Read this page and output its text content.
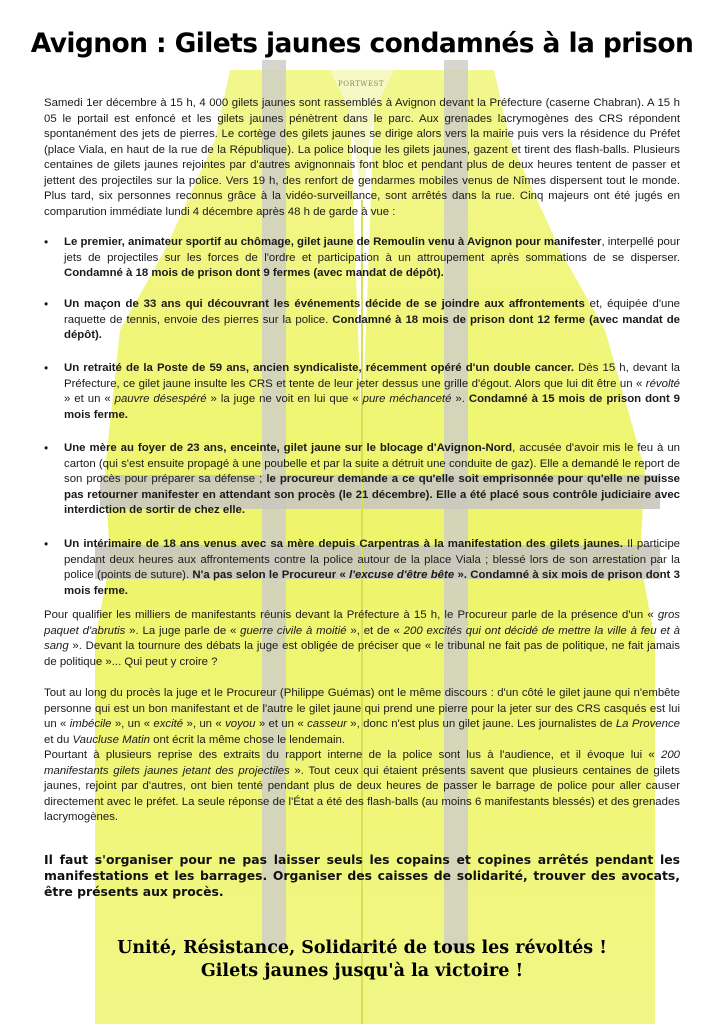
Avignon : Gilets jaunes condamnés à la prison
PORTWEST

Samedi 1er décembre à 15 h, 4 000 gilets jaunes sont rassemblés à Avignon devant la Préfecture (caserne Chabran). A 15 h 05 le portail est enfoncé et les gilets jaunes pénètrent dans le parc. Aux grenades lacrymogènes des CRS répondent spontanément des jets de pierres. Le cortège des gilets jaunes se dirige alors vers la mairie puis vers la résidence du Préfet (place Viala, en haut de la rue de la République). La police bloque les gilets jaunes, gazent et tirent des flash-balls. Plusieurs centaines de gilets jaunes rejointes par d'autres avignonnais font bloc et pendant plus de deux heures tentent de passer et jettent des projectiles sur la police. Vers 19 h, des renfort de gendarmes mobiles venus de Nîmes dispersent tout le monde. Plus tard, six personnes reconnus grâce à la vidéo-surveillance, sont arrêtés dans la rue. Cinq majeurs ont été jugés en comparution immédiate lundi 4 décembre après 48 h de garde à vue :

• Le premier, animateur sportif au chômage, gilet jaune de Remoulin venu à Avignon pour manifester, interpellé pour jets de projectiles sur les forces de l'ordre et participation à un attroupement après sommations de se disperser. Condamné à 18 mois de prison dont 9 fermes (avec mandat de dépôt).
• Un maçon de 33 ans qui découvrant les événements décide de se joindre aux affrontements et, équipée d'une raquette de tennis, envoie des pierres sur la police. Condamné à 18 mois de prison dont 12 ferme (avec mandat de dépôt).
• Un retraité de la Poste de 59 ans, ancien syndicaliste, récemment opéré d'un double cancer. Dès 15 h, devant la Préfecture, ce gilet jaune insulte les CRS et tente de leur jeter dessus une grille d'égout. Alors que lui dit être un « révolté » et un « pauvre désespéré » la juge ne voit en lui que « pure méchanceté ». Condamné à 15 mois de prison dont 9 mois ferme.
• Une mère au foyer de 23 ans, enceinte, gilet jaune sur le blocage d'Avignon-Nord, accusée d'avoir mis le feu à un carton (qui s'est ensuite propagé à une poubelle et par la suite a détruit une conduite de gaz). Elle a demandé le report de son procès pour préparer sa défense ; le procureur demande a ce qu'elle soit emprisonnée pour qu'elle ne puisse pas retourner manifester en attendant son procès (le 21 décembre). Elle a été placé sous contrôle judiciaire avec interdiction de sortir de chez elle.
• Un intérimaire de 18 ans venus avec sa mère depuis Carpentras à la manifestation des gilets jaunes. Il participe pendant deux heures aux affrontements contre la police autour de la place Viala ; blessé lors de son arrestation par la police (points de suture). N'a pas selon le Procureur « l'excuse d'être bête ». Condamné à six mois de prison dont 3 mois ferme.

Pour qualifier les milliers de manifestants réunis devant la Préfecture à 15 h, le Procureur parle de la présence d'un « gros paquet d'abrutis ». La juge parle de « guerre civile à moitié », et de « 200 excités qui ont décidé de mettre la ville à feu et à sang ». Devant la tournure des débats la juge est obligée de préciser que « le tribunal ne fait pas de politique, ne fait jamais de politique »... Qui peut y croire ?

Tout au long du procès la juge et le Procureur (Philippe Guémas) ont le même discours : d'un côté le gilet jaune qui n'embête personne qui est un bon manifestant et de l'autre le gilet jaune qui prend une pierre pour la jeter sur des CRS casqués est lui un « imbécile », un « excité », un « voyou » et un « casseur », donc n'est plus un gilet jaune. Les journalistes de La Provence et du Vaucluse Matin ont écrit la même chose le lendemain.

Pourtant à plusieurs reprise des extraits du rapport interne de la police sont lus à l'audience, et il évoque lui « 200 manifestants gilets jaunes jetant des projectiles ». Tout ceux qui étaient présents savent que plusieurs centaines de gilets jaunes, rejoint par d'autres, ont bien tenté pendant plus de deux heures de passer le barrage de police pour aller causer directement avec le préfet. La seule réponse de l'État a été des flash-balls (au moins 6 manifestants blessés) et des grenades lacrymogènes.

Il faut s'organiser pour ne pas laisser seuls les copains et copines arrêtés pendant les manifestations et les barrages. Organiser des caisses de solidarité, trouver des avocats, être présents aux procès.

Unité, Résistance, Solidarité de tous les révoltés !

Gilets jaunes jusqu'à la victoire !
